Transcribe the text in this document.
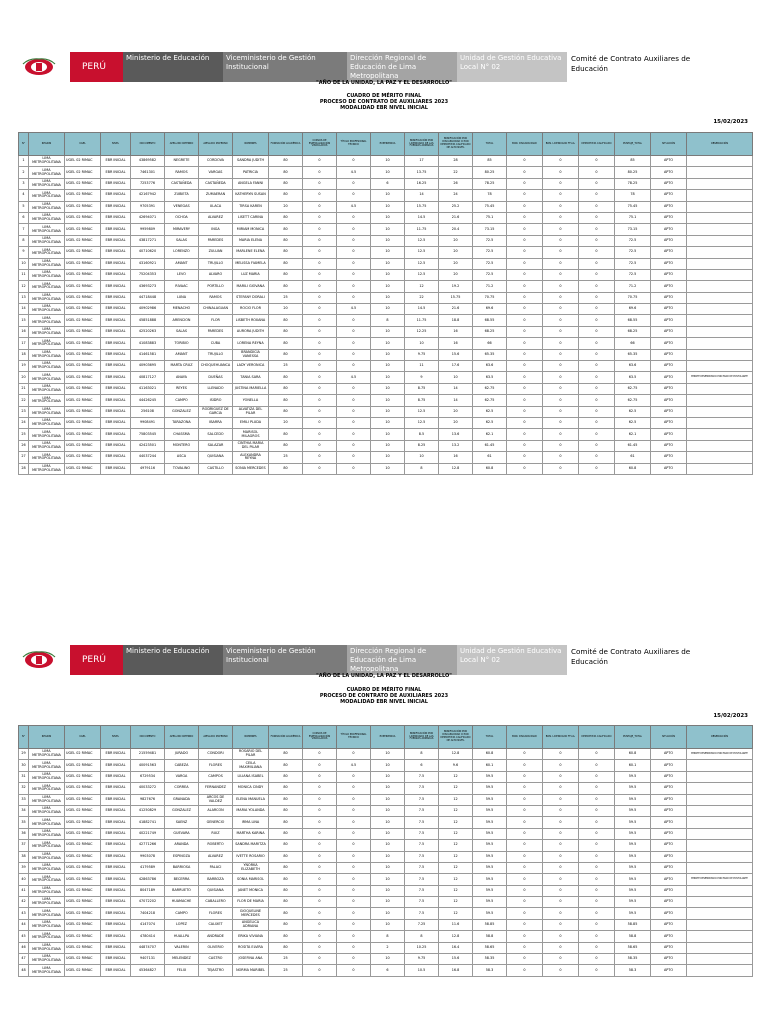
PERÚ
Ministerio de Educación	Viceministerio de Gestión Institucional
Dirección Regional de Educación de Lima Metropolitana
Unidad de Gestión Educativa Local N° 02
Comité de Contrato Auxiliares de Educación
"AÑO DE LA UNIDAD, LA PAZ Y EL DESARROLLO"
CUADRO DE MÉRITO FINAL
PROCESO DE CONTRATO DE AUXILIARES 2023
MODALIDAD EBR NIVEL INICIAL
15/02/2023
N°	REGION	UGEL	NIVEL	DOCUMENTO	APELLIDO PATERNO	APELLIDO MATERNO	NOMBRES	FORMACIÓN ACADÉMICA	CURSOS DE ESPECIALIZACIÓN VINCULADOS	TÍTULO PROFESIONAL TÉCNICO	EXPERIENCIA	BONIFICACIÓN POR LICENCIADO DE LAS FUERZAS ARMADAS	BONIFICACIÓN POR DISCAPACIDAD O POR DEPORTISTA CALIFICADO DE ALTO NIVEL	TOTAL	BON. DISCAPACIDAD	BON. LICENCIADO FF.AA.	DEPORTISTA CALIFICADO	PUNTAJE_TOTAL	SITUACIÓN	OBSERVACIÓN
1	LIMA METROPOLITANA	UGEL 02 RIMAC	EBR INICIAL	43869582	NEGRETE	CORDOVA	SANDRA JUDITH	80	0	0	10	17	28	85	0	0	0	85	APTO	
2	LIMA METROPOLITANA	UGEL 02 RIMAC	EBR INICIAL	7461301	RAMOS	VARGAS	PATRICIA	80	0	4.5	10	13.75	22	80.25	0	0	0	80.25	APTO	
3	LIMA METROPOLITANA	UGEL 02 RIMAC	EBR INICIAL	7253776	CASTAÑEDA	CASTAÑEDA	ANGELA FANNI	80	0	0	6	16.25	26	78.25	0	0	0	78.25	APTO	
4	LIMA METROPOLITANA	UGEL 02 RIMAC	EBR INICIAL	42167942	ZUBIETA	ZUMAERAN	KATHERYN SUSAN	80	0	0	10	14	24	78	0	0	0	78	APTO	
5	LIMA METROPOLITANA	UGEL 02 RIMAC	EBR INICIAL	9705391	VENEGAS	ULACA	TIRSA KAREN	20	0	4.5	10	15.75	25.2	75.45	0	0	0	75.45	APTO	
6	LIMA METROPOLITANA	UGEL 02 RIMAC	EBR INICIAL	42694071	OCHOA	ALVAREZ	LISETT CARINA	80	0	0	10	14.5	21.6	75.1	0	0	0	75.1	APTO	
7	LIMA METROPOLITANA	UGEL 02 RIMAC	EBR INICIAL	9959809	MIRAVERY	INGA	MIRIAM MONICA	80	0	0	10	11.75	20.4	73.15	0	0	0	73.15	APTO	
8	LIMA METROPOLITANA	UGEL 02 RIMAC	EBR INICIAL	43817271	SALAS	PAREDES	MARIA ELENA	80	0	0	10	12.5	20	72.5	0	0	0	72.5	APTO	
9	LIMA METROPOLITANA	UGEL 02 RIMAC	EBR INICIAL	40710620	LORENZO	ZULUAN	MARLENE ELENA	80	0	0	10	12.5	20	72.5	0	0	0	72.5	APTO	
10	LIMA METROPOLITANA	UGEL 02 RIMAC	EBR INICIAL	43160921	AMANT	TRUJILLO	MELISSA FIAMELA	80	0	0	10	12.5	20	72.5	0	0	0	72.5	APTO	
11	LIMA METROPOLITANA	UGEL 02 RIMAC	EBR INICIAL	75204353	LEVO	ALVARO	LUZ MARIA	80	0	0	10	12.5	20	72.5	0	0	0	72.5	APTO	
12	LIMA METROPOLITANA	UGEL 02 RIMAC	EBR INICIAL	43693273	RIVAAC	PORTILLO	MARILI GIOVANA	80	0	0	10	12	19.2	71.2	0	0	0	71.2	APTO	
13	LIMA METROPOLITANA	UGEL 02 RIMAC	EBR INICIAL	44718448	LUNA	RAMOS	STEFANY DORALI	25	0	0	10	22	15.75	70.75	0	0	0	70.75	APTO	
14	LIMA METROPOLITANA	UGEL 02 RIMAC	EBR INICIAL	40902986	MENACHO	CHINALAGUAN	ROCIO FLOR	20	0	4.5	10	14.5	21.6	69.6	0	0	0	69.6	APTO	
15	LIMA METROPOLITANA	UGEL 02 RIMAC	EBR INICIAL	45851888	ARENCION	FLOR	LISBETH ROXANA	80	0	0	8	11.75	18.8	68.55	0	0	0	68.55	APTO	
16	LIMA METROPOLITANA	UGEL 02 RIMAC	EBR INICIAL	42520263	SALAS	PAREDES	AURORA JUDITH	80	0	0	10	12.25	16	68.25	0	0	0	68.25	APTO	
17	LIMA METROPOLITANA	UGEL 02 RIMAC	EBR INICIAL	41083883	TORIBIO	CUBA	LORENA REYNA	80	0	0	10	10	16	66	0	0	0	66	APTO	
18	LIMA METROPOLITANA	UGEL 02 RIMAC	EBR INICIAL	41461581	AMANT	TRUJILLO	BRANDICIA VANESSA	80	0	0	10	9.75	15.6	65.35	0	0	0	65.35	APTO	
19	LIMA METROPOLITANA	UGEL 02 RIMAC	EBR INICIAL	40903695	MARTA CRUZ	CHOQUEHUANCA	LADY VERONICA	25	0	0	10	11	17.6	63.6	0	0	0	63.6	APTO	
20	LIMA METROPOLITANA	UGEL 02 RIMAC	EBR INICIAL	40817127	ANAYA	DUEÑAS	TANIA SARA	80	0	4.5	10	9	10	63.5	0	0	0	63.5	APTO	EMPATE DESEMPATADO POR EDAD DE POSTULANTE
21	LIMA METROPOLITANA	UGEL 02 RIMAC	EBR INICIAL	41163021	REYES	LLENADO	JUSTINA MARIELLA	80	0	0	10	8.75	14	62.75	0	0	0	62.75	APTO	
22	LIMA METROPOLITANA	UGEL 02 RIMAC	EBR INICIAL	44426245	CAMPO	ISIDRO	YONELLA	80	0	0	10	8.75	14	62.75	0	0	0	62.75	APTO	
23	LIMA METROPOLITANA	UGEL 02 RIMAC	EBR INICIAL	256108	GONZALEZ	RODRIGUEZ DE GARCIA	ALVATIZA DEL PILAR	80	0	0	10	12.5	20	62.5	0	0	0	62.5	APTO	
24	LIMA METROPOLITANA	UGEL 02 RIMAC	EBR INICIAL	9908491	TARAZONA	IBARRA	EMILI PLUDA	20	0	0	10	12.5	20	62.5	0	0	0	62.5	APTO	
25	LIMA METROPOLITANA	UGEL 02 RIMAC	EBR INICIAL	75803545	CHASSMA	SALCEDO	MARISOL MILAGROS	80	0	0	10	8.5	13.6	62.1	0	0	0	62.1	APTO	
26	LIMA METROPOLITANA	UGEL 02 RIMAC	EBR INICIAL	42423501	MONTERO	SALAZAR	CINTHIA MARIA DEL PILAR	80	0	0	10	8.25	13.2	61.45	0	0	0	61.45	APTO	
27	LIMA METROPOLITANA	UGEL 02 RIMAC	EBR INICIAL	44037244	ASCA	QUISIANA	ALEXANDRA REYNA	25	0	0	10	10	16	61	0	0	0	61	APTO	
28	LIMA METROPOLITANA	UGEL 02 RIMAC	EBR INICIAL	4979116	TOVALINO	CASTILLO	SONIA MERCEDES	80	0	0	10	8	12.8	60.8	0	0	0	60.8	APTO	
PERÚ
Ministerio de Educación	Viceministerio de Gestión Institucional
Dirección Regional de Educación de Lima Metropolitana
Unidad de Gestión Educativa Local N° 02
Comité de Contrato Auxiliares de Educación
"AÑO DE LA UNIDAD, LA PAZ Y EL DESARROLLO"
CUADRO DE MÉRITO FINAL
PROCESO DE CONTRATO DE AUXILIARES 2023
MODALIDAD EBR NIVEL INICIAL
15/02/2023
N°	REGION	UGEL	NIVEL	DOCUMENTO	APELLIDO PATERNO	APELLIDO MATERNO	NOMBRES	FORMACIÓN ACADÉMICA	CURSOS DE ESPECIALIZACIÓN VINCULADOS	TÍTULO PROFESIONAL TÉCNICO	EXPERIENCIA	BONIFICACIÓN POR LICENCIADO DE LAS FUERZAS ARMADAS	BONIFICACIÓN POR DISCAPACIDAD O POR DEPORTISTA CALIFICADO DE ALTO NIVEL	TOTAL	BON. DISCAPACIDAD	BON. LICENCIADO FF.AA.	DEPORTISTA CALIFICADO	PUNTAJE_TOTAL	SITUACIÓN	OBSERVACIÓN
29	LIMA METROPOLITANA	UGEL 02 RIMAC	EBR INICIAL	21559481	JURADO	CONDORI	ROSARIO DEL PILAR	80	0	0	10	8	12.8	60.8	0	0	0	60.8	APTO	EMPATE DESEMPATADO POR EDAD DE POSTULANTE
30	LIMA METROPOLITANA	UGEL 02 RIMAC	EBR INICIAL	40091563	CABEZA	FLORES	CEILA MAXIMILIANA	80	0	4.5	10	6	9.6	60.1	0	0	0	60.1	APTO	
31	LIMA METROPOLITANA	UGEL 02 RIMAC	EBR INICIAL	6729534	VARGA	CAMPOS	LILIANA ISABEL	80	0	0	10	7.5	12	59.5	0	0	0	59.5	APTO	
32	LIMA METROPOLITANA	UGEL 02 RIMAC	EBR INICIAL	40033272	CORREA	FERNANDEZ	MONICA CINDY	80	0	0	10	7.5	12	59.5	0	0	0	59.5	APTO	
33	LIMA METROPOLITANA	UGEL 02 RIMAC	EBR INICIAL	9827676	GRANADA	ARCOS DE VALDEZ	ELENA MANUELA	80	0	0	10	7.5	12	59.5	0	0	0	59.5	APTO	
34	LIMA METROPOLITANA	UGEL 02 RIMAC	EBR INICIAL	41250829	GONZALEZ	ALARCON	MARIA YOLANDA	80	0	0	10	7.5	12	59.5	0	0	0	59.5	APTO	
35	LIMA METROPOLITANA	UGEL 02 RIMAC	EBR INICIAL	41882741	SAENZ	GENERCIO	IRMA LINA	80	0	0	10	7.5	12	59.5	0	0	0	59.5	APTO	
36	LIMA METROPOLITANA	UGEL 02 RIMAC	EBR INICIAL	40221749	GUEVARA	RUIZ	MARTHA KARINA	80	0	0	10	7.5	12	59.5	0	0	0	59.5	APTO	
37	LIMA METROPOLITANA	UGEL 02 RIMAC	EBR INICIAL	42771266	ARANDA	ROBERTO	SANDRA MARITZA	80	0	0	10	7.5	12	59.5	0	0	0	59.5	APTO	
38	LIMA METROPOLITANA	UGEL 02 RIMAC	EBR INICIAL	9903078	ESPINOZA	ALVAREZ	IVETTE ROSARIO	80	0	0	10	7.5	12	59.5	0	0	0	59.5	APTO	
39	LIMA METROPOLITANA	UGEL 02 RIMAC	EBR INICIAL	4179589	BARRIOSA	PALACI	YNORKA ELIZABETH	80	0	0	10	7.5	12	59.5	0	0	0	59.5	APTO	
40	LIMA METROPOLITANA	UGEL 02 RIMAC	EBR INICIAL	42863786	BECERRA	BARBOZA	SONIA MARISOL	80	0	0	10	7.5	12	59.5	0	0	0	59.5	APTO	EMPATE DESEMPATADO POR EDAD DE POSTULANTE
41	LIMA METROPOLITANA	UGEL 02 RIMAC	EBR INICIAL	8047189	BARRUETO	QUISIANA	JANET MONICA	80	0	0	10	7.5	12	59.5	0	0	0	59.5	APTO	
42	LIMA METROPOLITANA	UGEL 02 RIMAC	EBR INICIAL	47072202	HUAMACHE	CABALLERO	FLOR DE MARIA	80	0	0	10	7.5	12	59.5	0	0	0	59.5	APTO	
43	LIMA METROPOLITANA	UGEL 02 RIMAC	EBR INICIAL	7404218	CAMPO	FLORES	GIOQUELINE MERCEDES	80	0	0	10	7.5	12	59.5	0	0	0	59.5	APTO	
44	LIMA METROPOLITANA	UGEL 02 RIMAC	EBR INICIAL	4147074	LOPEZ	CALIXET	ANGELICA ADRIANA	80	0	0	10	7.25	11.6	58.85	0	0	0	58.85	APTO	
45	LIMA METROPOLITANA	UGEL 02 RIMAC	EBR INICIAL	4780414	HUALLPA	ANDRADE	ERIKA VIVIANA	80	0	0	8	8	12.8	58.8	0	0	0	58.8	APTO	
46	LIMA METROPOLITANA	UGEL 02 RIMAC	EBR INICIAL	44874707	VALERIN	OLIVERIO	ROSITA ELVIRA	80	0	0	2	10.25	16.4	58.65	0	0	0	58.65	APTO	
47	LIMA METROPOLITANA	UGEL 02 RIMAC	EBR INICIAL	9407131	MELENDEZ	CASTRO	JOSEFINA ANA	25	0	0	10	9.75	15.6	58.35	0	0	0	58.35	APTO	
48	LIMA METROPOLITANA	UGEL 02 RIMAC	EBR INICIAL	45364827	FELIX	TEJASTRO	NORMA MARIBEL	25	0	0	6	10.5	16.8	58.3	0	0	0	58.3	APTO	
